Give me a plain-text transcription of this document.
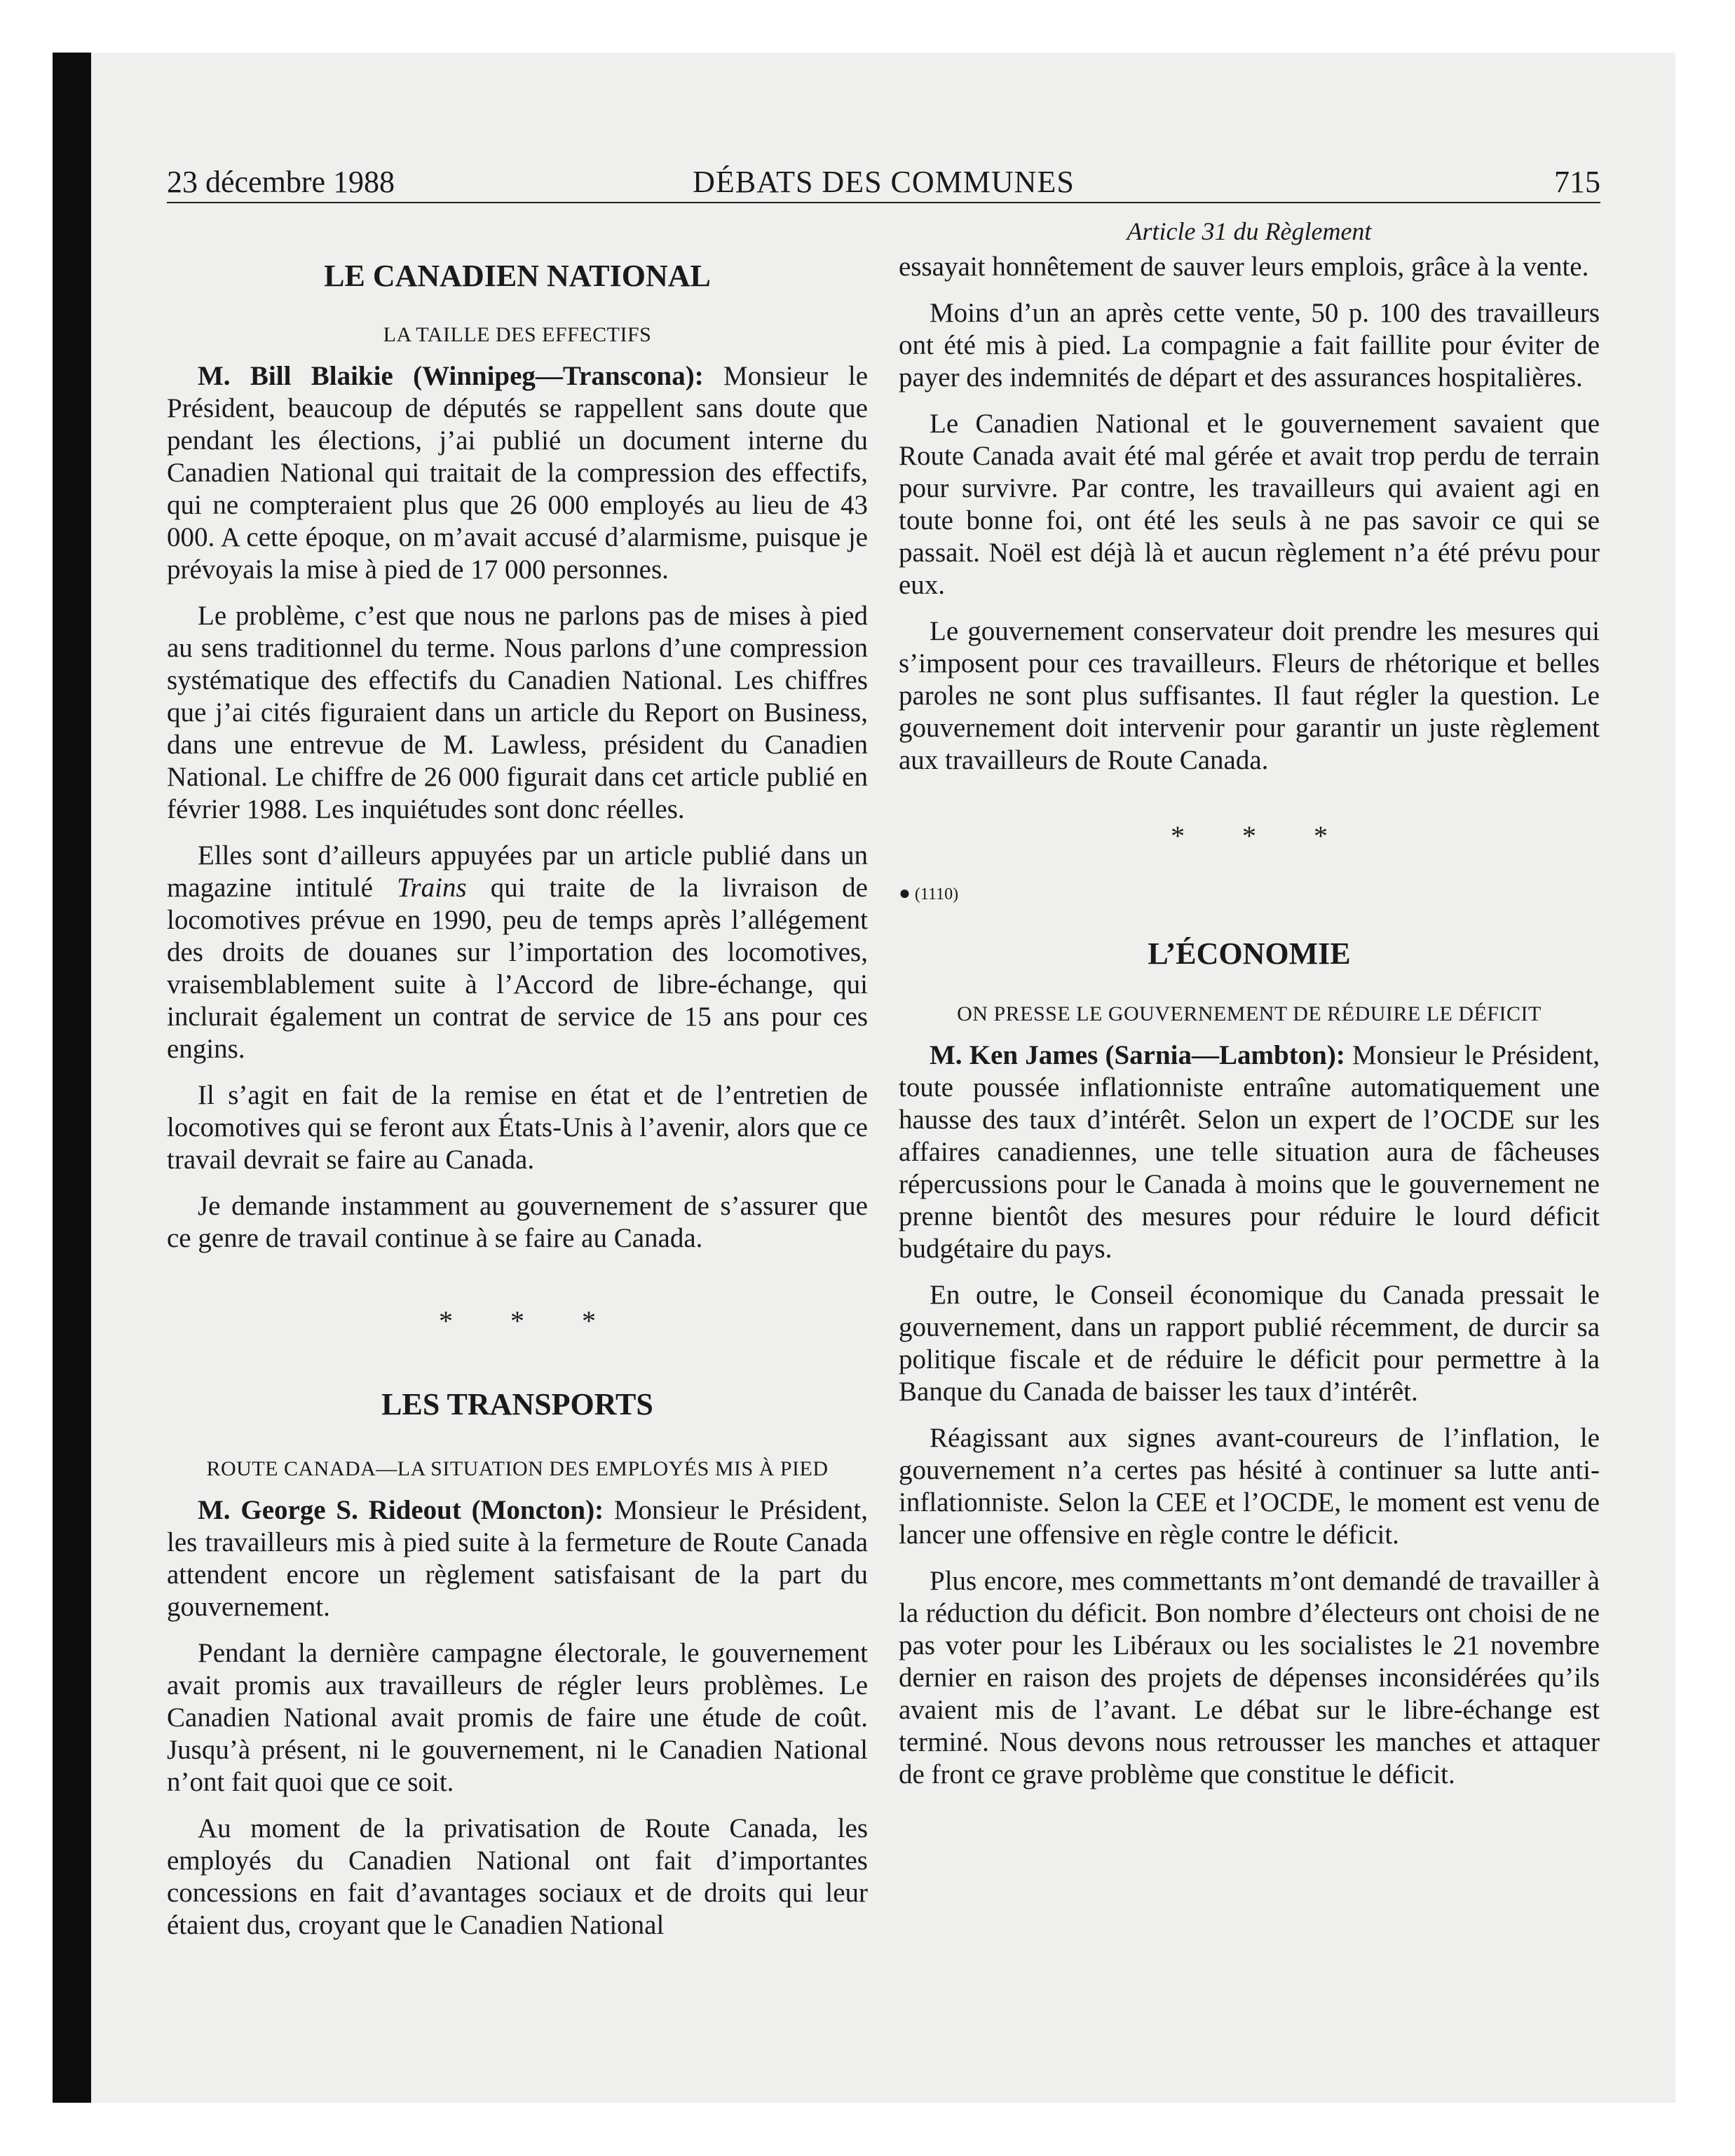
23 décembre 1988	DÉBATS DES COMMUNES	715
LE CANADIEN NATIONAL
LA TAILLE DES EFFECTIFS

M. Bill Blaikie (Winnipeg—Transcona): Monsieur le Président, beaucoup de députés se rappellent sans doute que pendant les élections, j’ai publié un document interne du Canadien National qui traitait de la compression des effectifs, qui ne compteraient plus que 26 000 employés au lieu de 43 000. A cette époque, on m’avait accusé d’alarmisme, puisque je prévoyais la mise à pied de 17 000 personnes.

Le problème, c’est que nous ne parlons pas de mises à pied au sens traditionnel du terme. Nous parlons d’une compression systématique des effectifs du Canadien National. Les chiffres que j’ai cités figuraient dans un article du Report on Business, dans une entrevue de M. Lawless, président du Canadien National. Le chiffre de 26 000 figurait dans cet article publié en février 1988. Les inquiétudes sont donc réelles.

Elles sont d’ailleurs appuyées par un article publié dans un magazine intitulé Trains qui traite de la livraison de locomotives prévue en 1990, peu de temps après l’allégement des droits de douanes sur l’importation des locomotives, vraisemblablement suite à l’Accord de libre-échange, qui inclurait également un contrat de service de 15 ans pour ces engins.

Il s’agit en fait de la remise en état et de l’entretien de locomotives qui se feront aux États-Unis à l’avenir, alors que ce travail devrait se faire au Canada.

Je demande instamment au gouvernement de s’assurer que ce genre de travail continue à se faire au Canada.

* * *
LES TRANSPORTS
ROUTE CANADA—LA SITUATION DES EMPLOYÉS MIS À PIED

M. George S. Rideout (Moncton): Monsieur le Président, les travailleurs mis à pied suite à la fermeture de Route Canada attendent encore un règlement satisfaisant de la part du gouvernement.

Pendant la dernière campagne électorale, le gouvernement avait promis aux travailleurs de régler leurs problèmes. Le Canadien National avait promis de faire une étude de coût. Jusqu’à présent, ni le gouvernement, ni le Canadien National n’ont fait quoi que ce soit.

Au moment de la privatisation de Route Canada, les employés du Canadien National ont fait d’importantes concessions en fait d’avantages sociaux et de droits qui leur étaient dus, croyant que le Canadien National

Article 31 du Règlement

essayait honnêtement de sauver leurs emplois, grâce à la vente.

Moins d’un an après cette vente, 50 p. 100 des travailleurs ont été mis à pied. La compagnie a fait faillite pour éviter de payer des indemnités de départ et des assurances hospitalières.

Le Canadien National et le gouvernement savaient que Route Canada avait été mal gérée et avait trop perdu de terrain pour survivre. Par contre, les travailleurs qui avaient agi en toute bonne foi, ont été les seuls à ne pas savoir ce qui se passait. Noël est déjà là et aucun règlement n’a été prévu pour eux.

Le gouvernement conservateur doit prendre les mesures qui s’imposent pour ces travailleurs. Fleurs de rhétorique et belles paroles ne sont plus suffisantes. Il faut régler la question. Le gouvernement doit intervenir pour garantir un juste règlement aux travailleurs de Route Canada.

* * *
● (1110)
L’ÉCONOMIE
ON PRESSE LE GOUVERNEMENT DE RÉDUIRE LE DÉFICIT

M. Ken James (Sarnia—Lambton): Monsieur le Président, toute poussée inflationniste entraîne automatiquement une hausse des taux d’intérêt. Selon un expert de l’OCDE sur les affaires canadiennes, une telle situation aura de fâcheuses répercussions pour le Canada à moins que le gouvernement ne prenne bientôt des mesures pour réduire le lourd déficit budgétaire du pays.

En outre, le Conseil économique du Canada pressait le gouvernement, dans un rapport publié récemment, de durcir sa politique fiscale et de réduire le déficit pour permettre à la Banque du Canada de baisser les taux d’intérêt.

Réagissant aux signes avant-coureurs de l’inflation, le gouvernement n’a certes pas hésité à continuer sa lutte anti-inflationniste. Selon la CEE et l’OCDE, le moment est venu de lancer une offensive en règle contre le déficit.

Plus encore, mes commettants m’ont demandé de travailler à la réduction du déficit. Bon nombre d’électeurs ont choisi de ne pas voter pour les Libéraux ou les socialistes le 21 novembre dernier en raison des projets de dépenses inconsidérées qu’ils avaient mis de l’avant. Le débat sur le libre-échange est terminé. Nous devons nous retrousser les manches et attaquer de front ce grave problème que constitue le déficit.
